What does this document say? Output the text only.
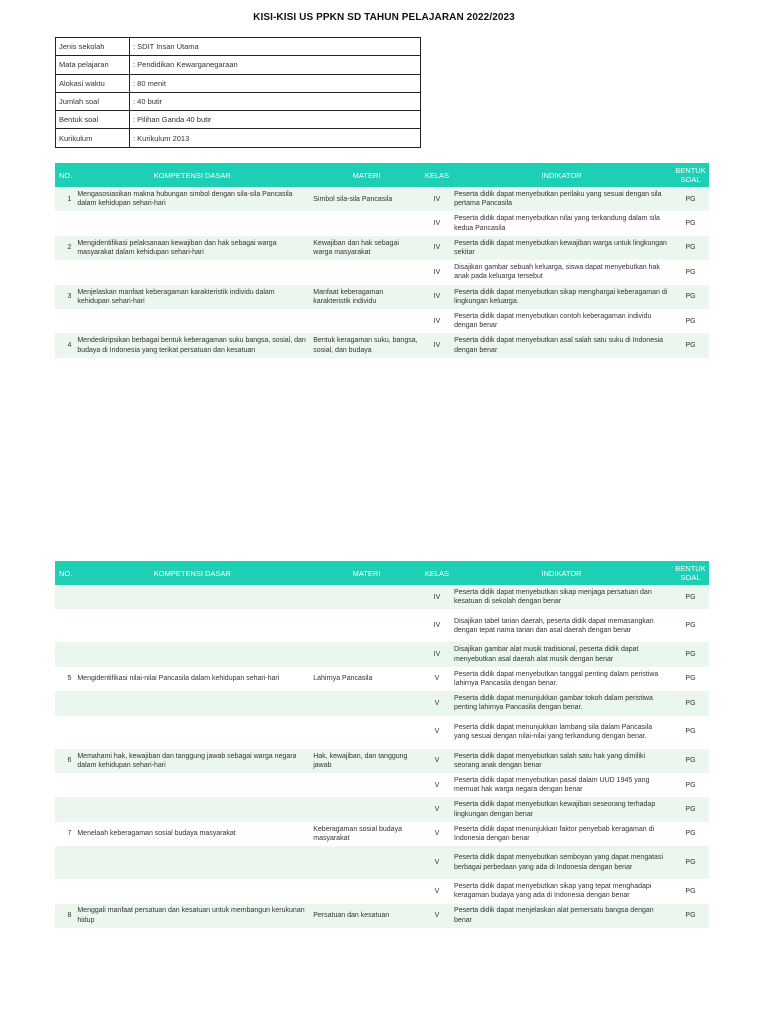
KISI-KISI US PPKN SD TAHUN PELAJARAN 2022/2023
Jenis sekolah	: SDIT Insan Utama
Mata pelajaran	: Pendidikan Kewarganegaraan
Alokasi waktu	: 80 menit
Jumlah soal	: 40 butir
Bentuk soal	: Pilihan Ganda 40 butir
Kurikulum	: Kurikulum 2013
NO.	KOMPETENSI DASAR	MATERI	KELAS	INDIKATOR	BENTUK SOAL
1	Mengasosiasikan makna hubungan simbol dengan sila-sila Pancasila dalam kehidupan sehari-hari	Simbol sila-sila Pancasila	IV	Peserta didik dapat menyebutkan perilaku yang sesuai dengan sila pertama Pancasila	PG
			IV	Peserta didik dapat menyebutkan nilai yang terkandung dalam sila kedua Pancasila	PG
2	Mengidentifikasi pelaksanaan kewajiban dan hak sebagai warga masyarakat dalam kehidupan sehari-hari	Kewajiban dan hak sebagai warga masyarakat	IV	Peserta didik dapat menyebutkan kewajiban warga untuk lingkungan sekitar	PG
			IV	Disajikan gambar sebuah keluarga, siswa dapat menyebutkan hak anak pada keluarga tersebut	PG
3	Menjelaskan manfaat keberagaman karakteristik individu dalam kehidupan sehari-hari	Manfaat keberagaman karakteristik individu	IV	Peserta didik dapat menyebutkan sikap menghargai keberagaman di lingkungan keluarga.	PG
			IV	Peserta didik dapat menyebutkan contoh keberagaman individu dengan benar	PG
4	Mendeskripsikan berbagai bentuk keberagaman suku bangsa, sosial, dan budaya di Indonesia yang terikat persatuan dan kesatuan	Bentuk keragaman suku, bangsa, sosial, dan budaya	IV	Peserta didik dapat menyebutkan asal salah satu suku di Indonesia dengan benar	PG
NO.	KOMPETENSI DASAR	MATERI	KELAS	INDIKATOR	BENTUK SOAL
			IV	Peserta didik dapat menyebutkan sikap menjaga persatuan dan kesatuan di sekolah dengan benar	PG
			IV	Disajikan tabel tarian daerah, peserta didik dapat memasangkan dengan tepat nama tarian dan asal daerah dengan benar	PG
			IV	Disajikan gambar alat musik tradisional, peserta didik dapat menyebutkan asal daerah alat musik dengan benar	PG
5	Mengidentifikasi nilai-nilai Pancasila dalam kehidupan sehari-hari	Lahirnya Pancasila	V	Peserta didik dapat menyebutkan tanggal penting dalam peristiwa lahirnya Pancasila dengan benar.	PG
			V	Peserta didik dapat menunjukkan gambar tokoh dalam peristiwa penting lahirnya Pancasila dengan benar.	PG
			V	Peserta didik dapat menunjukkan lambang sila dalam Pancasila yang sesuai dengan nilai-nilai yang terkandung dengan benar.	PG
6	Memahami hak, kewajiban dan tanggung jawab sebagai warga negara dalam kehidupan sehari-hari	Hak, kewajiban, dan tanggung jawab	V	Peserta didik dapat menyebutkan salah satu hak yang dimiliki seorang anak dengan benar	PG
			V	Peserta didik dapat menyebutkan pasal dalam UUD 1945 yang memuat hak warga negara dengan benar	PG
			V	Peserta didik dapat menyebutkan kewajiban seseorang terhadap lingkungan dengan benar	PG
7	Menelaah keberagaman sosial budaya masyarakat	Keberagaman sosial budaya masyarakat	V	Peserta didik dapat menunjukkan faktor penyebab keragaman di Indonesia dengan benar	PG
			V	Peserta didik dapat menyebutkan semboyan yang dapat mengatasi berbagai perbedaan yang ada di Indonesia dengan benar	PG
			V	Peserta didik dapat menyebutkan sikap yang tepat menghadapi keragaman budaya yang ada di Indonesia dengan benar	PG
8	Menggali manfaat persatuan dan kesatuan untuk membangun kerukunan hidup	Persatuan dan kesatuan	V	Peserta didik dapat menjelaskan alat pemersatu bangsa dengan benar	PG
